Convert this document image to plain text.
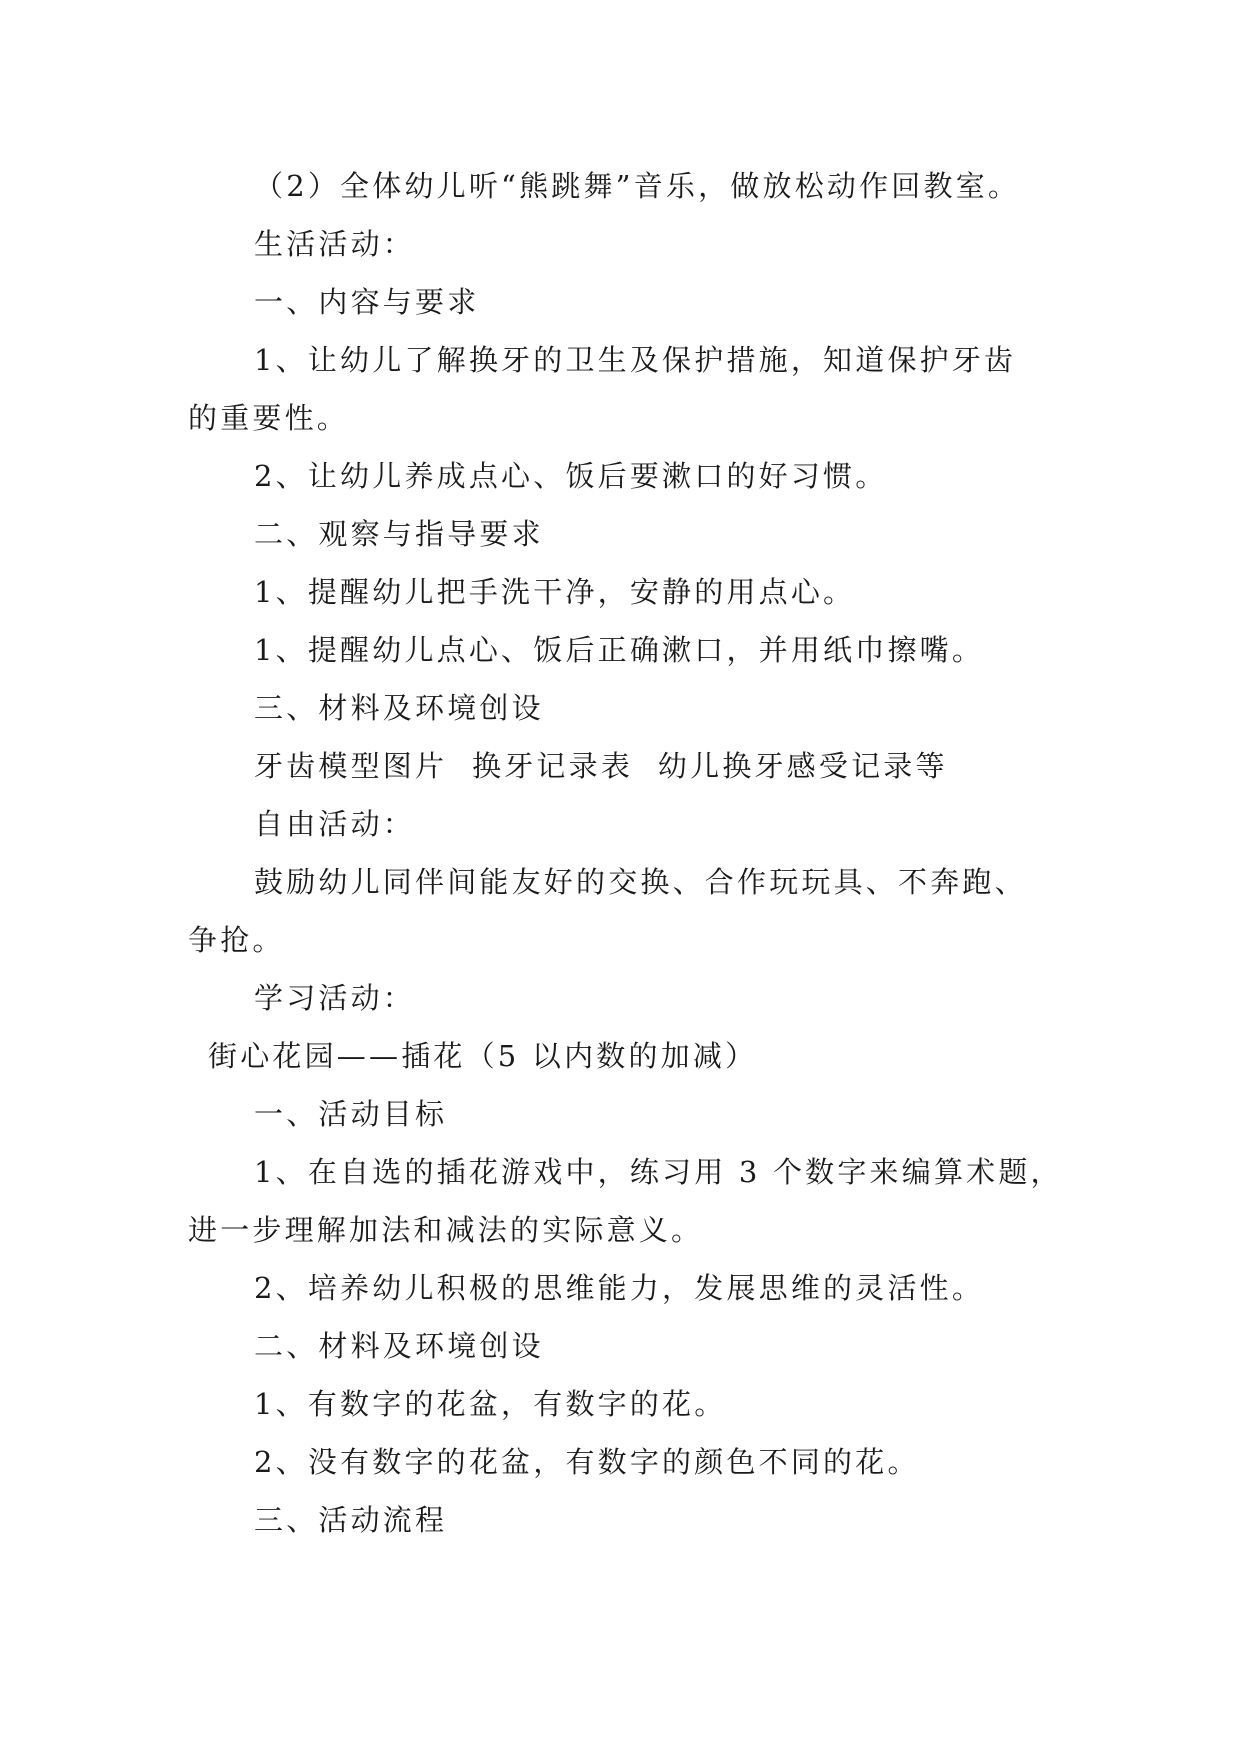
（2）全体幼儿听“熊跳舞”音乐，做放松动作回教室。
生活活动：
一、内容与要求
1、让幼儿了解换牙的卫生及保护措施，知道保护牙齿
的重要性。
2、让幼儿养成点心、饭后要漱口的好习惯。
二、观察与指导要求
1、提醒幼儿把手洗干净，安静的用点心。
1、提醒幼儿点心、饭后正确漱口，并用纸巾擦嘴。
三、材料及环境创设
牙齿模型图片  换牙记录表  幼儿换牙感受记录等
自由活动：
鼓励幼儿同伴间能友好的交换、合作玩玩具、不奔跑、
争抢。
学习活动：
街心花园——插花（5 以内数的加减）
一、活动目标
1、在自选的插花游戏中，练习用 3 个数字来编算术题，
进一步理解加法和减法的实际意义。
2、培养幼儿积极的思维能力，发展思维的灵活性。
二、材料及环境创设
1、有数字的花盆，有数字的花。
2、没有数字的花盆，有数字的颜色不同的花。
三、活动流程
